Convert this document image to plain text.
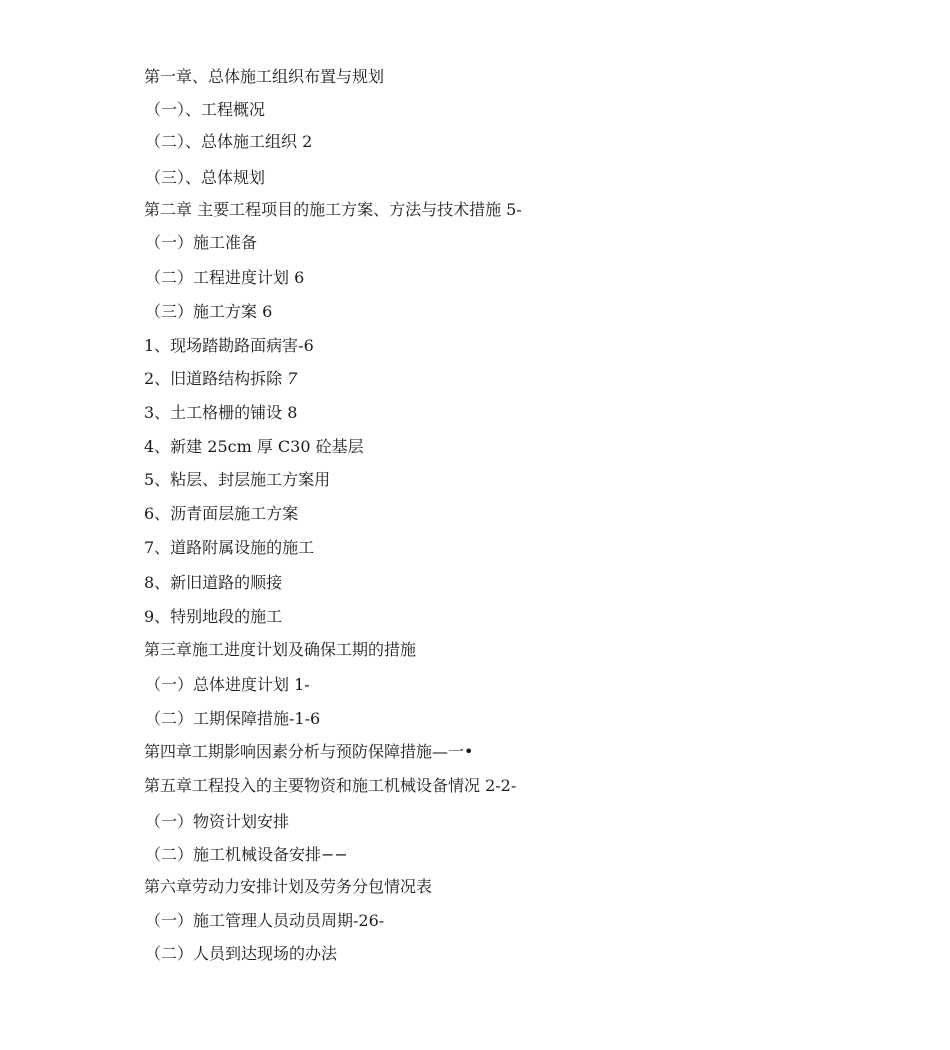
第一章、总体施工组织布置与规划
（一）、工程概况
（二）、总体施工组织 2
（三）、总体规划
第二章 主要工程项目的施工方案、方法与技术措施 5-
（一）施工准备
（二）工程进度计划 6
（三）施工方案 6
1、现场踏勘路面病害-6
2、旧道路结构拆除 7
3、土工格栅的铺设 8
4、新建 25cm 厚 C30 砼基层
5、粘层、封层施工方案用
6、沥青面层施工方案
7、道路附属设施的施工
8、新旧道路的顺接
9、特别地段的施工
第三章施工进度计划及确保工期的措施
（一）总体进度计划 1-
（二）工期保障措施-1-6
第四章工期影响因素分析与预防保障措施—一•
第五章工程投入的主要物资和施工机械设备情况 2-2-
（一）物资计划安排
（二）施工机械设备安排−−
第六章劳动力安排计划及劳务分包情况表
（一）施工管理人员动员周期-26-
（二）人员到达现场的办法
